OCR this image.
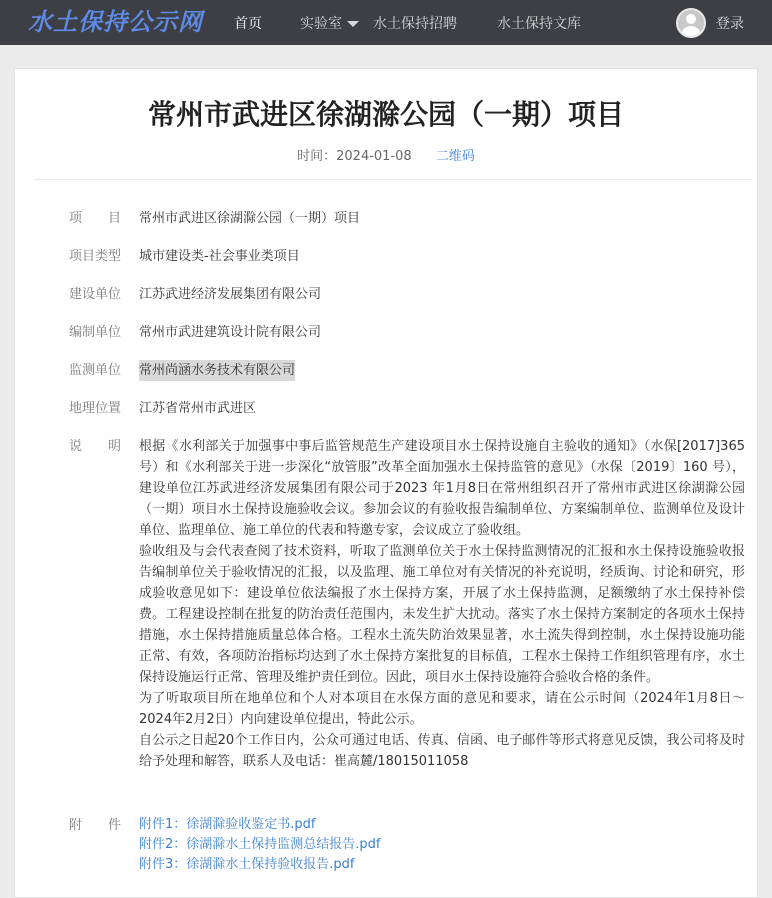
水土保持公示网 首页	实验室 水土保持招聘	水土保持文库	登录
常州市武进区徐湖滁公园（一期）项目
时间：2024-01-08 二维码
项　　目	常州市武进区徐湖滁公园（一期）项目
项目类型	城市建设类-社会事业类项目
建设单位	江苏武进经济发展集团有限公司
编制单位	常州市武进建筑设计院有限公司
监测单位	常州尚涵水务技术有限公司
地理位置	江苏省常州市武进区
说　　明	根据《水利部关于加强事中事后监管规范生产建设项目水土保持设施自主验收的通知》（水保[2017]365 号）和《水利部关于进一步深化“放管服”改革全面加强水土保持监管的意见》（水保〔2019〕160 号），建设单位江苏武进经济发展集团有限公司于2023 年1月8日在常州组织召开了常州市武进区徐湖滁公园（一期）项目水土保持设施验收会议。参加会议的有验收报告编制单位、方案编制单位、监测单位及设计单位、监理单位、施工单位的代表和特邀专家，会议成立了验收组。

验收组及与会代表查阅了技术资料，听取了监测单位关于水土保持监测情况的汇报和水土保持设施验收报告编制单位关于验收情况的汇报，以及监理、施工单位对有关情况的补充说明，经质询、讨论和研究，形成验收意见如下：建设单位依法编报了水土保持方案，开展了水土保持监测，足额缴纳了水土保持补偿费。工程建设控制在批复的防治责任范围内，未发生扩大扰动。落实了水土保持方案制定的各项水土保持措施，水土保持措施质量总体合格。工程水土流失防治效果显著，水土流失得到控制，水土保持设施功能正常、有效，各项防治指标均达到了水土保持方案批复的目标值，工程水土保持工作组织管理有序，水土保持设施运行正常、管理及维护责任到位。因此，项目水土保持设施符合验收合格的条件。

为了听取项目所在地单位和个人对本项目在水保方面的意见和要求，请在公示时间（2024年1月8日～2024年2月2日）内向建设单位提出，特此公示。

自公示之日起20个工作日内，公众可通过电话、传真、信函、电子邮件等形式将意见反馈，我公司将及时给予处理和解答，联系人及电话：崔高麓/18015011058

附　　件	附件1：徐湖滁验收鉴定书.pdf
附件2：徐湖滁水土保持监测总结报告.pdf
附件3：徐湖滁水土保持验收报告.pdf
